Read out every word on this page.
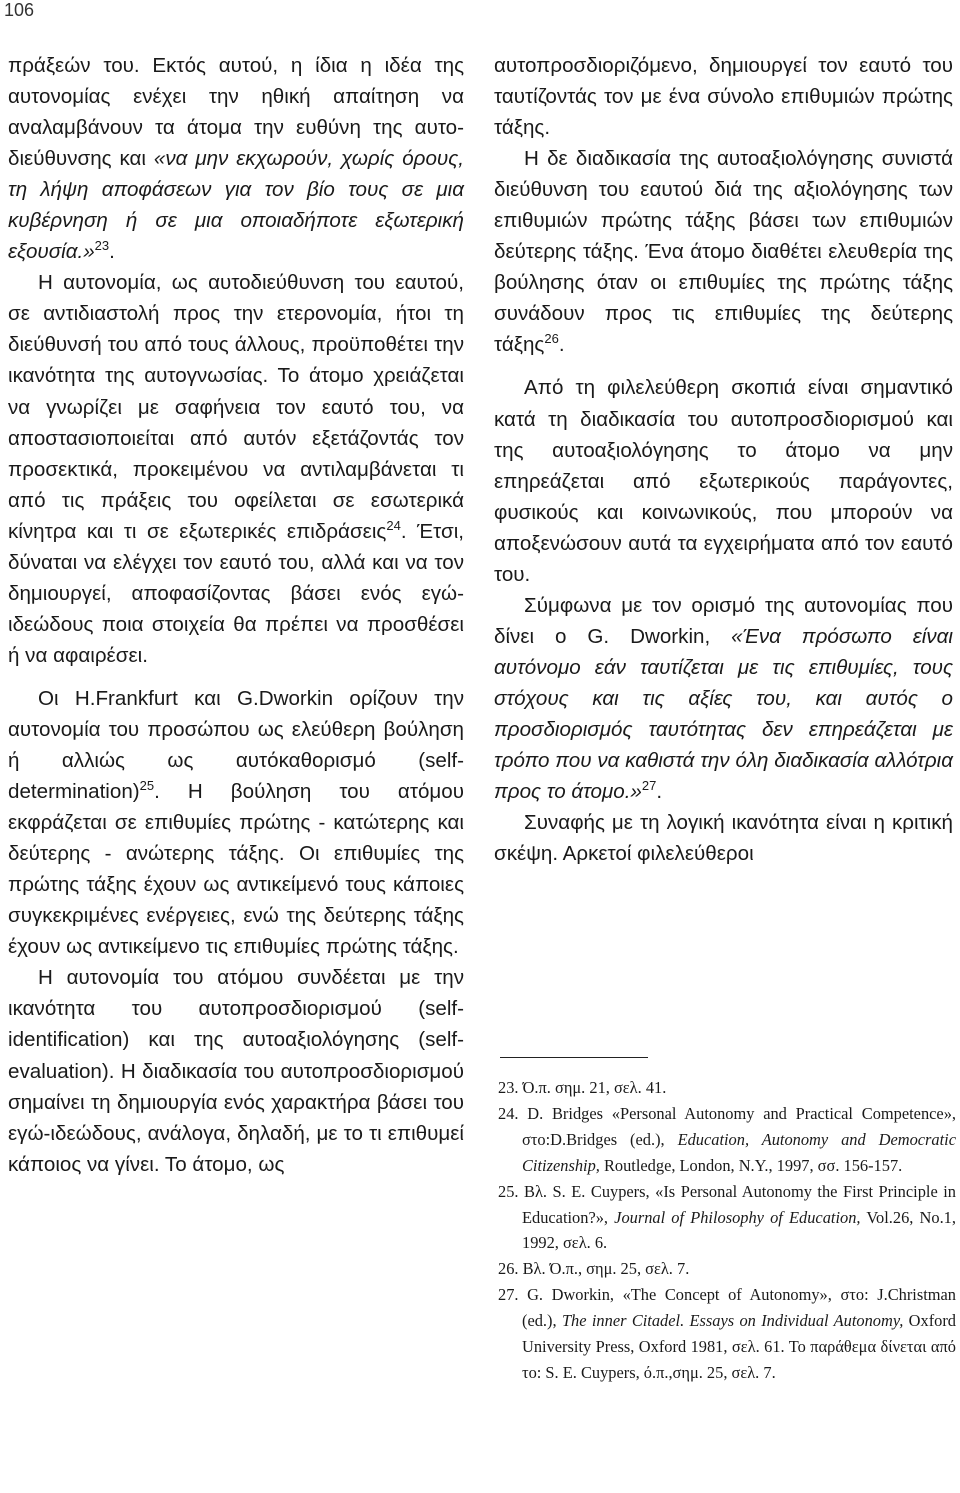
106

πράξεών του. Εκτός αυτού, η ίδια η ιδέα της αυτονομίας ενέχει την ηθική απαίτηση να αναλαμβάνουν τα άτομα την ευθύνη της αυτο-διεύθυνσης και «να μην εκχωρούν, χωρίς όρους, τη λήψη αποφάσεων για τον βίο τους σε μια κυβέρνηση ή σε μια οποιαδήποτε εξωτερική εξουσία.»$^{23}$.

Η αυτονομία, ως αυτοδιεύθυνση του εαυτού, σε αντιδιαστολή προς την ετερονομία, ήτοι τη διεύθυνσή του από τους άλλους, προϋποθέτει την ικανότητα της αυτογνωσίας. Το άτομο χρειάζεται να γνωρίζει με σαφήνεια τον εαυτό του, να αποστασιοποιείται από αυτόν εξετάζοντάς τον προσεκτικά, προκειμένου να αντιλαμβάνεται τι από τις πράξεις του οφείλεται σε εσωτερικά κίνητρα και τι σε εξωτερικές επιδράσεις$^{24}$. Έτσι, δύναται να ελέγχει τον εαυτό του, αλλά και να τον δημιουργεί, αποφασίζοντας βάσει ενός εγώ-ιδεώδους ποια στοιχεία θα πρέπει να προσθέσει ή να αφαιρέσει.

Οι H.Frankfurt και G.Dworkin ορίζουν την αυτονομία του προσώπου ως ελεύθερη βούληση ή αλλιώς ως αυτόκαθορισμό (self-determination)$^{25}$. Η βούληση του ατόμου εκφράζεται σε επιθυμίες πρώτης - κατώτερης και δεύτερης - ανώτερης τάξης. Οι επιθυμίες της πρώτης τάξης έχουν ως αντικείμενό τους κάποιες συγκεκριμένες ενέργειες, ενώ της δεύτερης τάξης έχουν ως αντικείμενο τις επιθυμίες πρώτης τάξης.

Η αυτονομία του ατόμου συνδέεται με την ικανότητα του αυτοπροσδιορισμού (self-identification) και της αυτοαξιολόγησης (self-evaluation). Η διαδικασία του αυτοπροσδιορισμού σημαίνει τη δημιουργία ενός χαρακτήρα βάσει του εγώ-ιδεώδους, ανάλογα, δηλαδή, με το τι επιθυμεί κάποιος να γίνει. Το άτομο, ως

αυτοπροσδιοριζόμενο, δημιουργεί τον εαυτό του ταυτίζοντάς τον με ένα σύνολο επιθυμιών πρώτης τάξης.

Η δε διαδικασία της αυτοαξιολόγησης συνιστά διεύθυνση του εαυτού διά της αξιολόγησης των επιθυμιών πρώτης τάξης βάσει των επιθυμιών δεύτερης τάξης. Ένα άτομο διαθέτει ελευθερία της βούλησης όταν οι επιθυμίες της πρώτης τάξης συνάδουν προς τις επιθυμίες της δεύτερης τάξης$^{26}$.

Από τη φιλελεύθερη σκοπιά είναι σημαντικό κατά τη διαδικασία του αυτοπροσδιορισμού και της αυτοαξιολόγησης το άτομο να μην επηρεάζεται από εξωτερικούς παράγοντες, φυσικούς και κοινωνικούς, που μπορούν να αποξενώσουν αυτά τα εγχειρήματα από τον εαυτό του.

Σύμφωνα με τον ορισμό της αυτονομίας που δίνει ο G. Dworkin, «Ένα πρόσωπο είναι αυτόνομο εάν ταυτίζεται με τις επιθυμίες, τους στόχους και τις αξίες του, και αυτός ο προσδιορισμός ταυτότητας δεν επηρεάζεται με τρόπο που να καθιστά την όλη διαδικασία αλλότρια προς το άτομο.»$^{27}$.

Συναφής με τη λογική ικανότητα είναι η κριτική σκέψη. Αρκετοί φιλελεύθεροι

23. Ό.π. σημ. 21, σελ. 41.

24. D. Bridges «Personal Autonomy and Practical Competence», στο:D.Bridges (ed.), Education, Autonomy and Democratic Citizenship, Routledge, London, N.Y., 1997, σσ. 156-157.

25. Βλ. S. E. Cuypers, «Is Personal Autonomy the First Principle in Education?», Journal of Philosophy of Education, Vol.26, No.1, 1992, σελ. 6.

26. Βλ. Ό.π., σημ. 25, σελ. 7.

27. G. Dworkin, «The Concept of Autonomy», στο: J.Christman (ed.), The inner Citadel. Essays on Individual Autonomy, Oxford University Press, Oxford 1981, σελ. 61. Το παράθεμα δίνεται από το: S. E. Cuypers, ό.π.,σημ. 25, σελ. 7.
